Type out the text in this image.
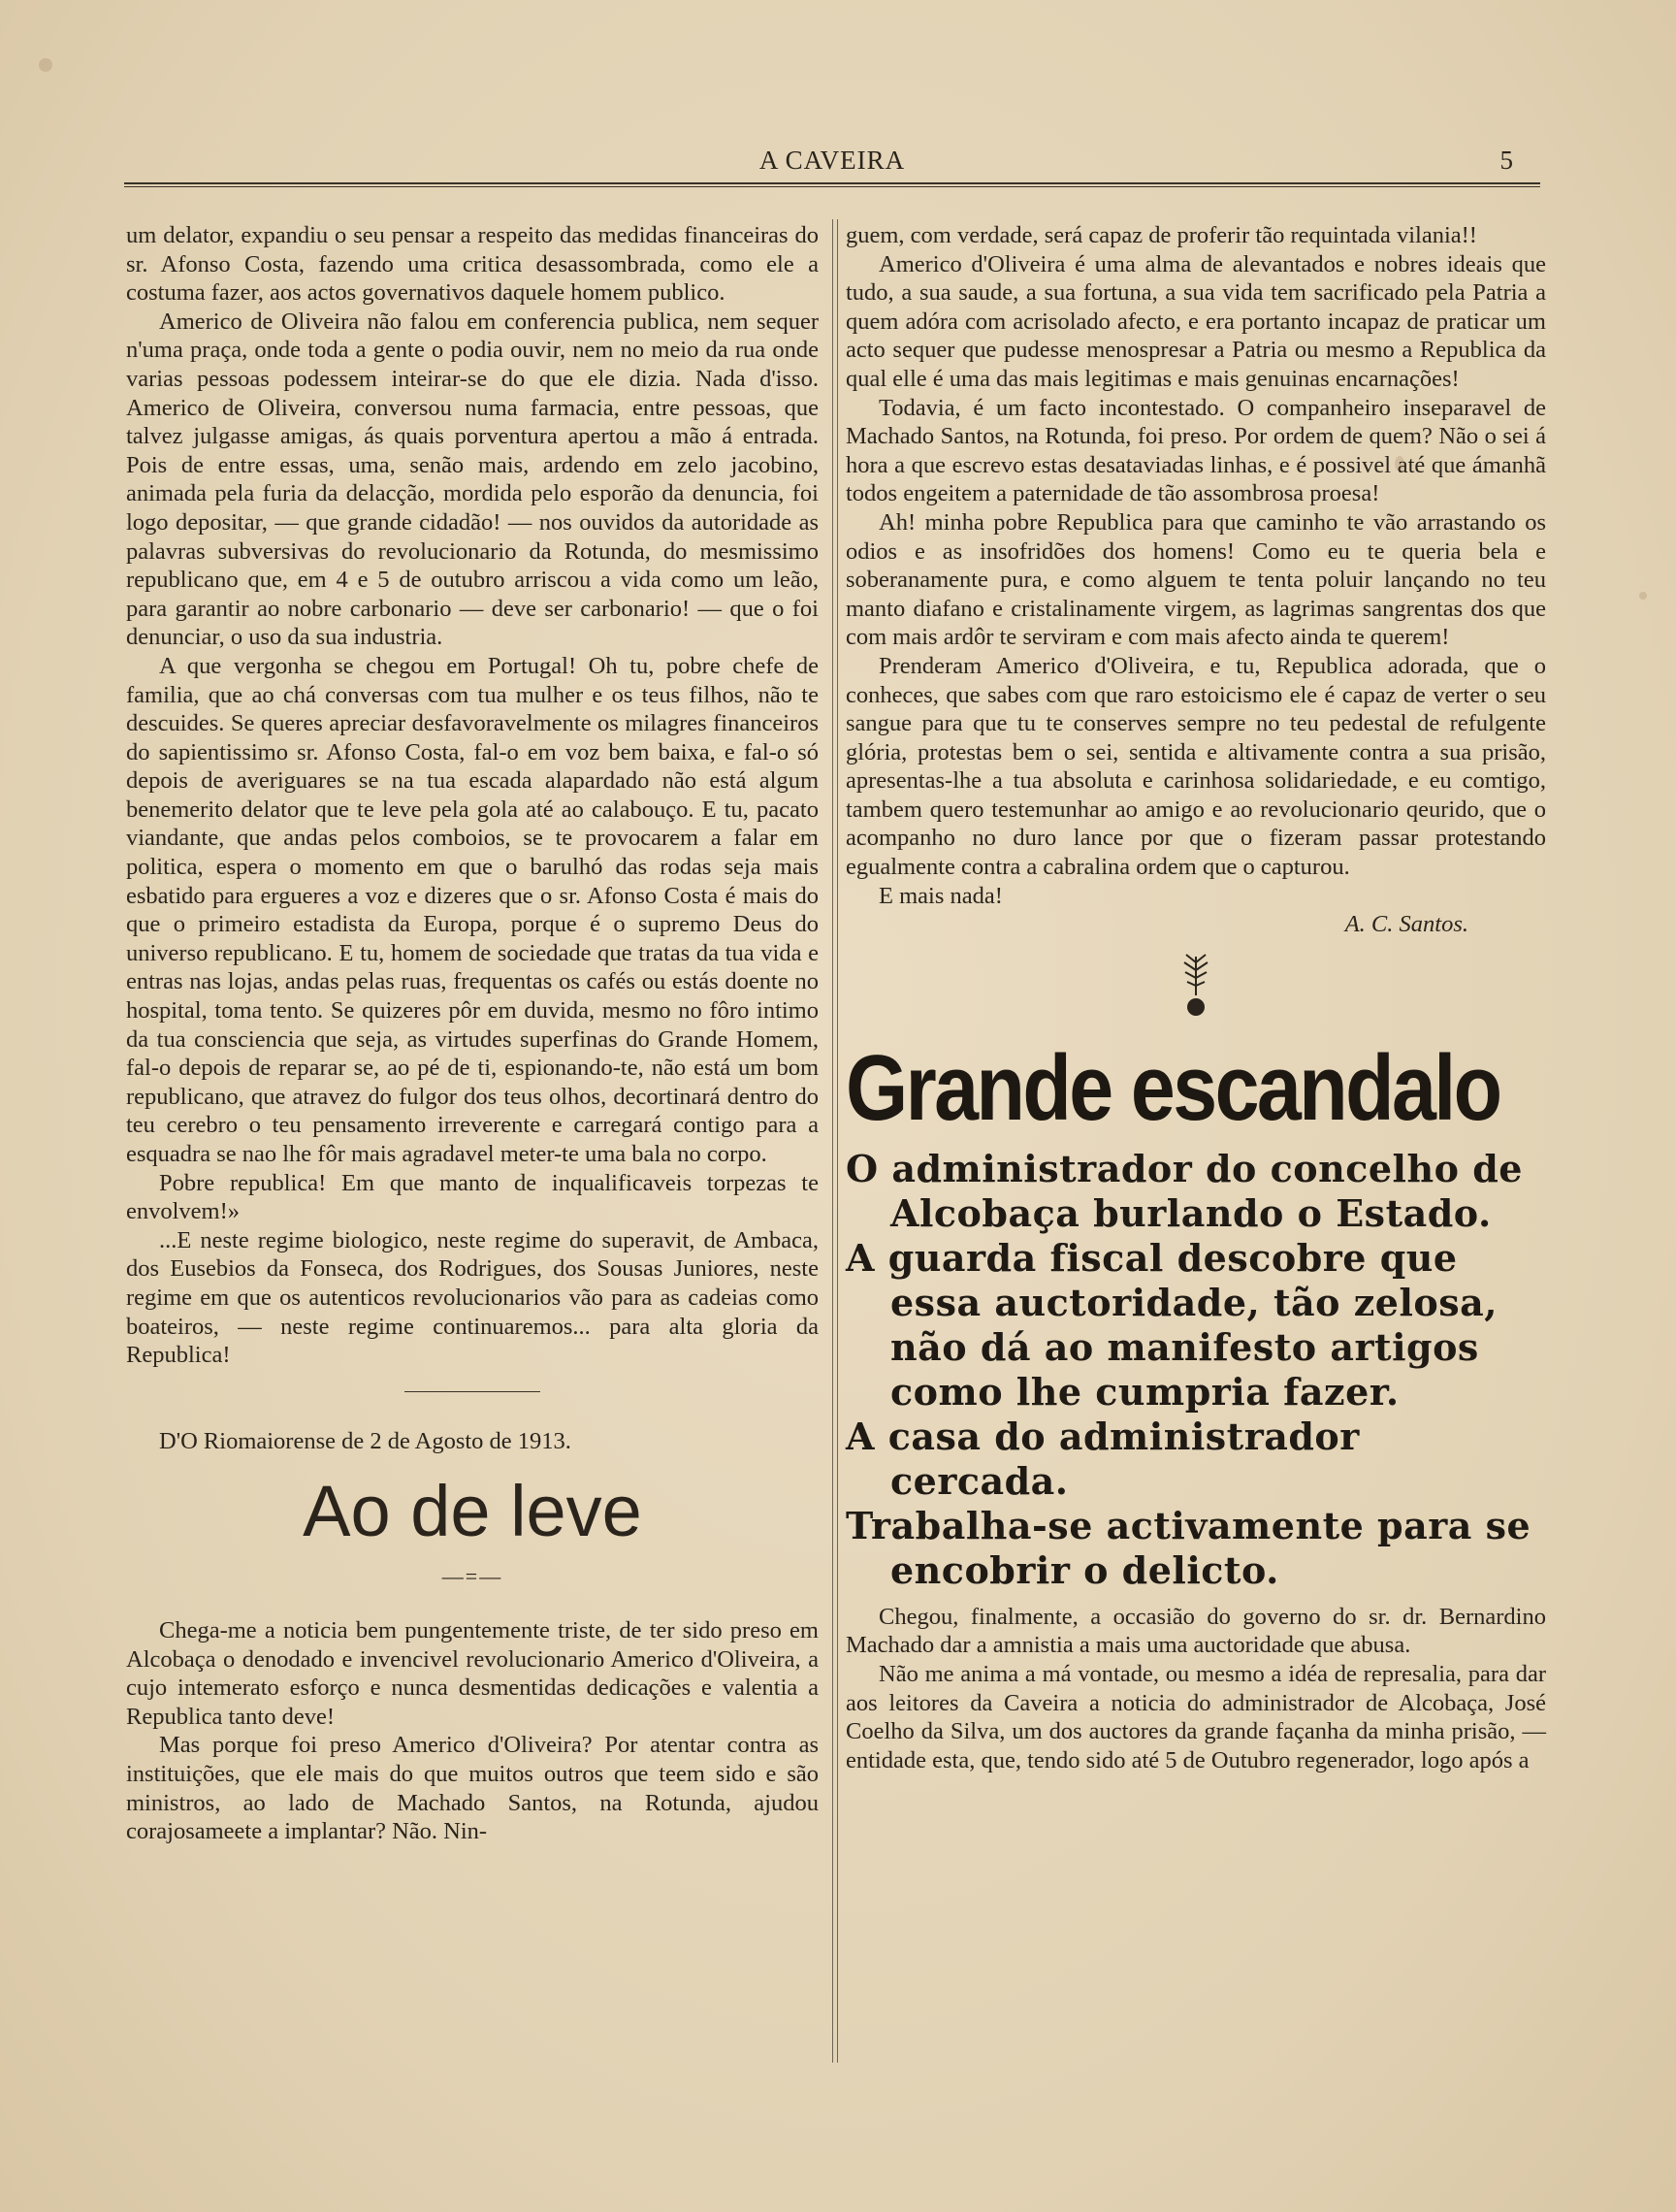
A CAVEIRA	5

um delator, expandiu o seu pensar a respeito das medidas financeiras do sr. Afonso Costa, fazendo uma critica desassombrada, como ele a costuma fazer, aos actos governativos daquele homem publico.

Americo de Oliveira não falou em conferencia publica, nem sequer n'uma praça, onde toda a gente o podia ouvir, nem no meio da rua onde varias pessoas podessem inteirar-se do que ele dizia. Nada d'isso. Americo de Oliveira, conversou numa farmacia, entre pessoas, que talvez julgasse amigas, ás quais porventura apertou a mão á entrada. Pois de entre essas, uma, senão mais, ardendo em zelo jacobino, animada pela furia da delacção, mordida pelo esporão da denuncia, foi logo depositar, — que grande cidadão! — nos ouvidos da autoridade as palavras subversivas do revolucionario da Rotunda, do mesmissimo republicano que, em 4 e 5 de outubro arriscou a vida como um leão, para garantir ao nobre carbonario — deve ser carbonario! — que o foi denunciar, o uso da sua industria.

A que vergonha se chegou em Portugal! Oh tu, pobre chefe de familia, que ao chá conversas com tua mulher e os teus filhos, não te descuides. Se queres apreciar desfavoravelmente os milagres financeiros do sapientissimo sr. Afonso Costa, fal-o em voz bem baixa, e fal-o só depois de averiguares se na tua escada alapardado não está algum benemerito delator que te leve pela gola até ao calabouço. E tu, pacato viandante, que andas pelos comboios, se te provocarem a falar em politica, espera o momento em que o barulhó das rodas seja mais esbatido para ergueres a voz e dizeres que o sr. Afonso Costa é mais do que o primeiro estadista da Europa, porque é o supremo Deus do universo republicano. E tu, homem de sociedade que tratas da tua vida e entras nas lojas, andas pelas ruas, frequentas os cafés ou estás doente no hospital, toma tento. Se quizeres pôr em duvida, mesmo no fôro intimo da tua consciencia que seja, as virtudes superfinas do Grande Homem, fal-o depois de reparar se, ao pé de ti, espionando-te, não está um bom republicano, que atravez do fulgor dos teus olhos, decortinará dentro do teu cerebro o teu pensamento irreverente e carregará contigo para a esquadra se nao lhe fôr mais agradavel meter-te uma bala no corpo.

Pobre republica! Em que manto de inqualificaveis torpezas te envolvem!»

...E neste regime biologico, neste regime do superavit, de Ambaca, dos Eusebios da Fonseca, dos Rodrigues, dos Sousas Juniores, neste regime em que os autenticos revolucionarios vão para as cadeias como boateiros, — neste regime continuaremos... para alta gloria da Republica!

D'O Riomaiorense de 2 de Agosto de 1913.

Ao de leve
—=—

Chega-me a noticia bem pungentemente triste, de ter sido preso em Alcobaça o denodado e invencivel revolucionario Americo d'Oliveira, a cujo intemerato esforço e nunca desmentidas dedicações e valentia a Republica tanto deve!

Mas porque foi preso Americo d'Oliveira? Por atentar contra as instituições, que ele mais do que muitos outros que teem sido e são ministros, ao lado de Machado Santos, na Rotunda, ajudou corajosameete a implantar? Não. Nin-

guem, com verdade, será capaz de proferir tão requintada vilania!!

Americo d'Oliveira é uma alma de alevantados e nobres ideais que tudo, a sua saude, a sua fortuna, a sua vida tem sacrificado pela Patria a quem adóra com acrisolado afecto, e era portanto incapaz de praticar um acto sequer que pudesse menospresar a Patria ou mesmo a Republica da qual elle é uma das mais legitimas e mais genuinas encarnações!

Todavia, é um facto incontestado. O companheiro inseparavel de Machado Santos, na Rotunda, foi preso. Por ordem de quem? Não o sei á hora a que escrevo estas desataviadas linhas, e é possivel até que ámanhã todos engeitem a paternidade de tão assombrosa proesa!

Ah! minha pobre Republica para que caminho te vão arrastando os odios e as insofridões dos homens! Como eu te queria bela e soberanamente pura, e como alguem te tenta poluir lançando no teu manto diafano e cristalinamente virgem, as lagrimas sangrentas dos que com mais ardôr te serviram e com mais afecto ainda te querem!

Prenderam Americo d'Oliveira, e tu, Republica adorada, que o conheces, que sabes com que raro estoicismo ele é capaz de verter o seu sangue para que tu te conserves sempre no teu pedestal de refulgente glória, protestas bem o sei, sentida e altivamente contra a sua prisão, apresentas-lhe a tua absoluta e carinhosa solidariedade, e eu comtigo, tambem quero testemunhar ao amigo e ao revolucionario qeurido, que o acompanho no duro lance por que o fizeram passar protestando egualmente contra a cabralina ordem que o capturou.

E mais nada!

A. C. Santos.

Grande escandalo
O administrador do concelho de Alcobaça burlando o Estado.
A guarda fiscal descobre que essa auctoridade, tão zelosa, não dá ao manifesto artigos como lhe cumpria fazer.
A casa do administrador cercada.
Trabalha-se activamente para se encobrir o delicto.

Chegou, finalmente, a occasião do governo do sr. dr. Bernardino Machado dar a amnistia a mais uma auctoridade que abusa.

Não me anima a má vontade, ou mesmo a idéa de represalia, para dar aos leitores da Caveira a noticia do administrador de Alcobaça, José Coelho da Silva, um dos auctores da grande façanha da minha prisão, — entidade esta, que, tendo sido até 5 de Outubro regenerador, logo após a
